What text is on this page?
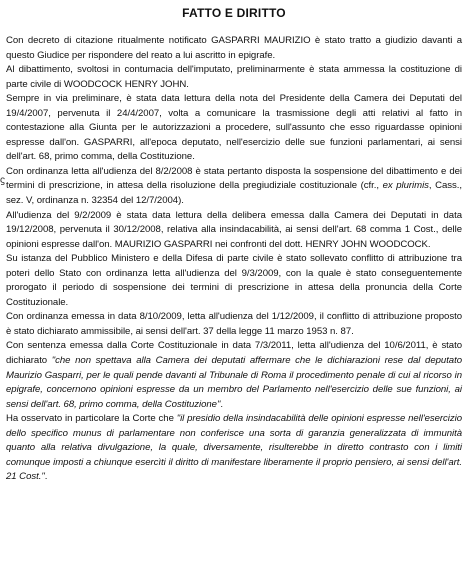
FATTO E DIRITTO

Con decreto di citazione ritualmente notificato GASPARRI MAURIZIO è stato tratto a giudizio davanti a questo Giudice per rispondere del reato a lui ascritto in epigrafe.

Al dibattimento, svoltosi in contumacia dell'imputato, preliminarmente è stata ammessa la costituzione di parte civile di WOODCOCK HENRY JOHN.

Sempre in via preliminare, è stata data lettura della nota del Presidente della Camera dei Deputati del 19/4/2007, pervenuta il 24/4/2007, volta a comunicare la trasmissione degli atti relativi al fatto in contestazione alla Giunta per le autorizzazioni a procedere, sull'assunto che esso riguardasse opinioni espresse dall'on. GASPARRI, all'epoca deputato, nell'esercizio delle sue funzioni parlamentari, ai sensi dell'art. 68, primo comma, della Costituzione.

Con ordinanza letta all'udienza del 8/2/2008 è stata pertanto disposta la sospensione del dibattimento e dei termini di prescrizione, in attesa della risoluzione della pregiudiziale costituzionale (cfr., ex plurimis, Cass., sez. V, ordinanza n. 32354 del 12/7/2004).

All'udienza del 9/2/2009 è stata data lettura della delibera emessa dalla Camera dei Deputati in data 19/12/2008, pervenuta il 30/12/2008, relativa alla insindacabilità, ai sensi dell'art. 68 comma 1 Cost., delle opinioni espresse dall'on. MAURIZIO GASPARRI nei confronti del dott. HENRY JOHN WOODCOCK.

Su istanza del Pubblico Ministero e della Difesa di parte civile è stato sollevato conflitto di attribuzione tra poteri dello Stato con ordinanza letta all'udienza del 9/3/2009, con la quale è stato conseguentemente prorogato il periodo di sospensione dei termini di prescrizione in attesa della pronuncia della Corte Costituzionale.

Con ordinanza emessa in data 8/10/2009, letta all'udienza del 1/12/2009, il conflitto di attribuzione proposto è stato dichiarato ammissibile, ai sensi dell'art. 37 della legge 11 marzo 1953 n. 87.

Con sentenza emessa dalla Corte Costituzionale in data 7/3/2011, letta all'udienza del 10/6/2011, è stato dichiarato "che non spettava alla Camera dei deputati affermare che le dichiarazioni rese dal deputato Maurizio Gasparri, per le quali pende davanti al Tribunale di Roma il procedimento penale di cui al ricorso in epigrafe, concernono opinioni espresse da un membro del Parlamento nell'esercizio delle sue funzioni, ai sensi dell'art. 68, primo comma, della Costituzione".

Ha osservato in particolare la Corte che "il presidio della insindacabilità delle opinioni espresse nell'esercizio dello specifico munus di parlamentare non conferisce una sorta di garanzia generalizzata di immunità quanto alla relativa divulgazione, la quale, diversamente, risulterebbe in diretto contrasto con i limiti comunque imposti a chiunque esercìti il diritto di manifestare liberamente il proprio pensiero, ai sensi dell'art. 21 Cost.".

ϛ
